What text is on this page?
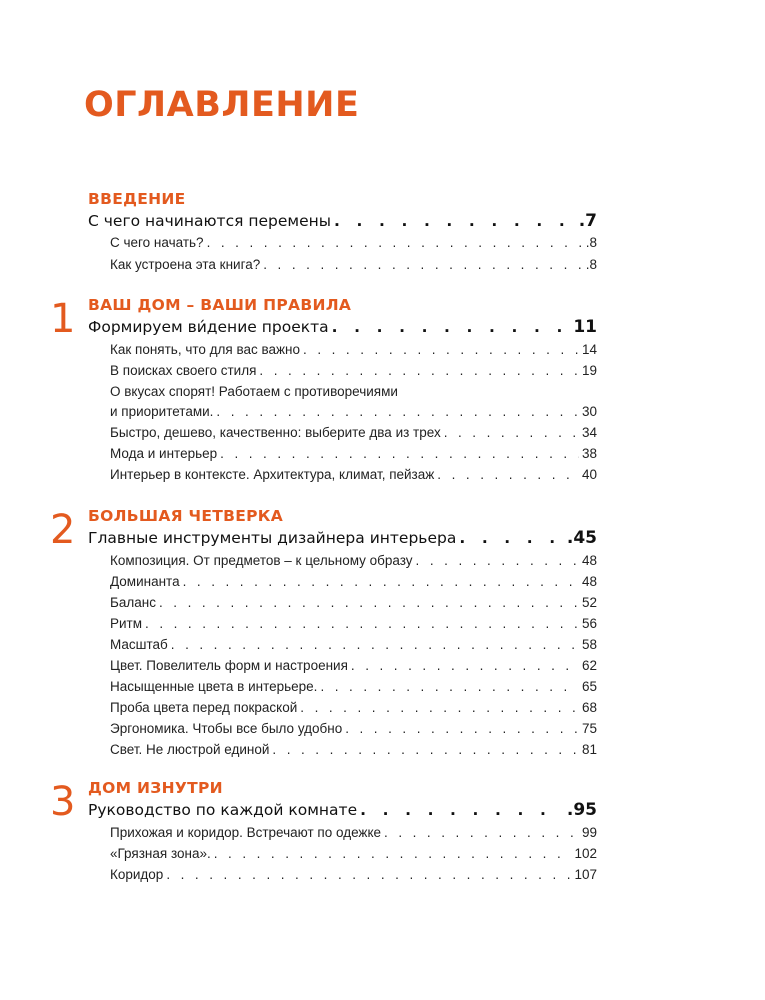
ОГЛАВЛЕНИЕ
ВВЕДЕНИЕ
С чего начинаются перемены . . .	.7
С чего начать? . . .	.8
Как устроена эта книга? . . .	.8
1 ВАШ ДОМ – ВАШИ ПРАВИЛА
Формируем ви́дение проекта . . .	11
Как понять, что для вас важно . . .	14
В поисках своего стиля . . .	19
О вкусах спорят! Работаем с противоречиями
и приоритетами. . . .	30
Быстро, дешево, качественно: выберите два из трех . . .	34
Мода и интерьер . . .	38
Интерьер в контексте. Архитектура, климат, пейзаж . . .	40
2 БОЛЬШАЯ ЧЕТВЕРКА
Главные инструменты дизайнера интерьера . . .	.45
Композиция. От предметов – к цельному образу . . .	48
Доминанта . . .	48
Баланс . . .	52
Ритм . . .	56
Масштаб . . .	58
Цвет. Повелитель форм и настроения . . .	62
Насыщенные цвета в интерьере. . . .	65
Проба цвета перед покраской . . .	68
Эргономика. Чтобы все было удобно . . .	75
Свет. Не люстрой единой . . .	81
3 ДОМ ИЗНУТРИ
Руководство по каждой комнате . . .	.95
Прихожая и коридор. Встречают по одежке . . .	99
«Грязная зона». . . .	102
Коридор . . .	107
